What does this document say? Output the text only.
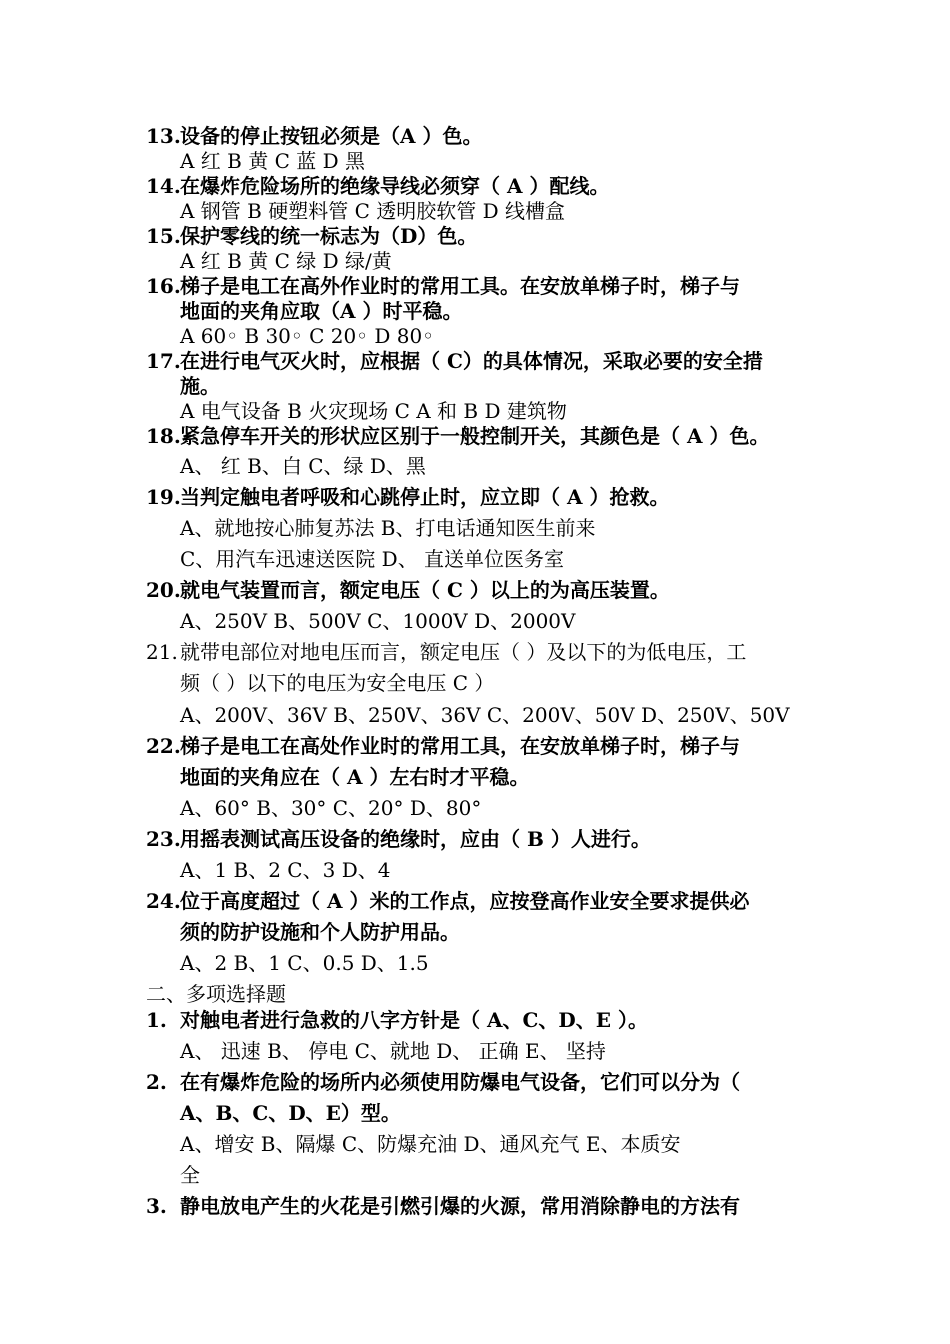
13. 设备的停止按钮必须是（A ）色。
A 红 B 黄 C 蓝 D 黑
14. 在爆炸危险场所的绝缘导线必须穿（ A ）配线。
A 钢管 B 硬塑料管 C 透明胶软管 D 线槽盒
15. 保护零线的统一标志为（D）色。
A 红 B 黄 C 绿 D 绿/黄
16. 梯子是电工在高外作业时的常用工具。在安放单梯子时，梯子与
地面的夹角应取（A ）时平稳。
A 60◦ B 30◦ C 20◦ D 80◦
17. 在进行电气灭火时，应根据（ C）的具体情况，采取必要的安全措
施。
A 电气设备 B 火灾现场 C A 和 B D 建筑物
18. 紧急停车开关的形状应区别于一般控制开关，其颜色是（ A ）色。
A、 红 B、白 C、绿 D、黑
19. 当判定触电者呼吸和心跳停止时，应立即（ A ）抢救。
A、就地按心肺复苏法 B、打电话通知医生前来
C、用汽车迅速送医院 D、 直送单位医务室
20. 就电气装置而言，额定电压（ C ）以上的为高压装置。
A、250V B、500V C、1000V D、2000V
21. 就带电部位对地电压而言，额定电压（ ）及以下的为低电压，工
频（ ）以下的电压为安全电压 C ）
A、200V、36V B、250V、36V C、200V、50V D、250V、50V
22. 梯子是电工在高处作业时的常用工具，在安放单梯子时，梯子与
地面的夹角应在（ A ）左右时才平稳。
A、60° B、30° C、20° D、80°
23. 用摇表测试高压设备的绝缘时，应由（ B ）人进行。
A、1 B、2 C、3 D、4
24. 位于高度超过（ A ）米的工作点，应按登高作业安全要求提供必
须的防护设施和个人防护用品。
A、2 B、1 C、0.5 D、1.5
二、多项选择题
1. 对触电者进行急救的八字方针是（ A、C、D、E ）。
A、 迅速 B、 停电 C、就地 D、 正确 E、 坚持
2. 在有爆炸危险的场所内必须使用防爆电气设备，它们可以分为（
A、B、C、D、E）型。
A、增安 B、隔爆 C、防爆充油 D、通风充气 E、本质安
全
3. 静电放电产生的火花是引燃引爆的火源，常用消除静电的方法有
